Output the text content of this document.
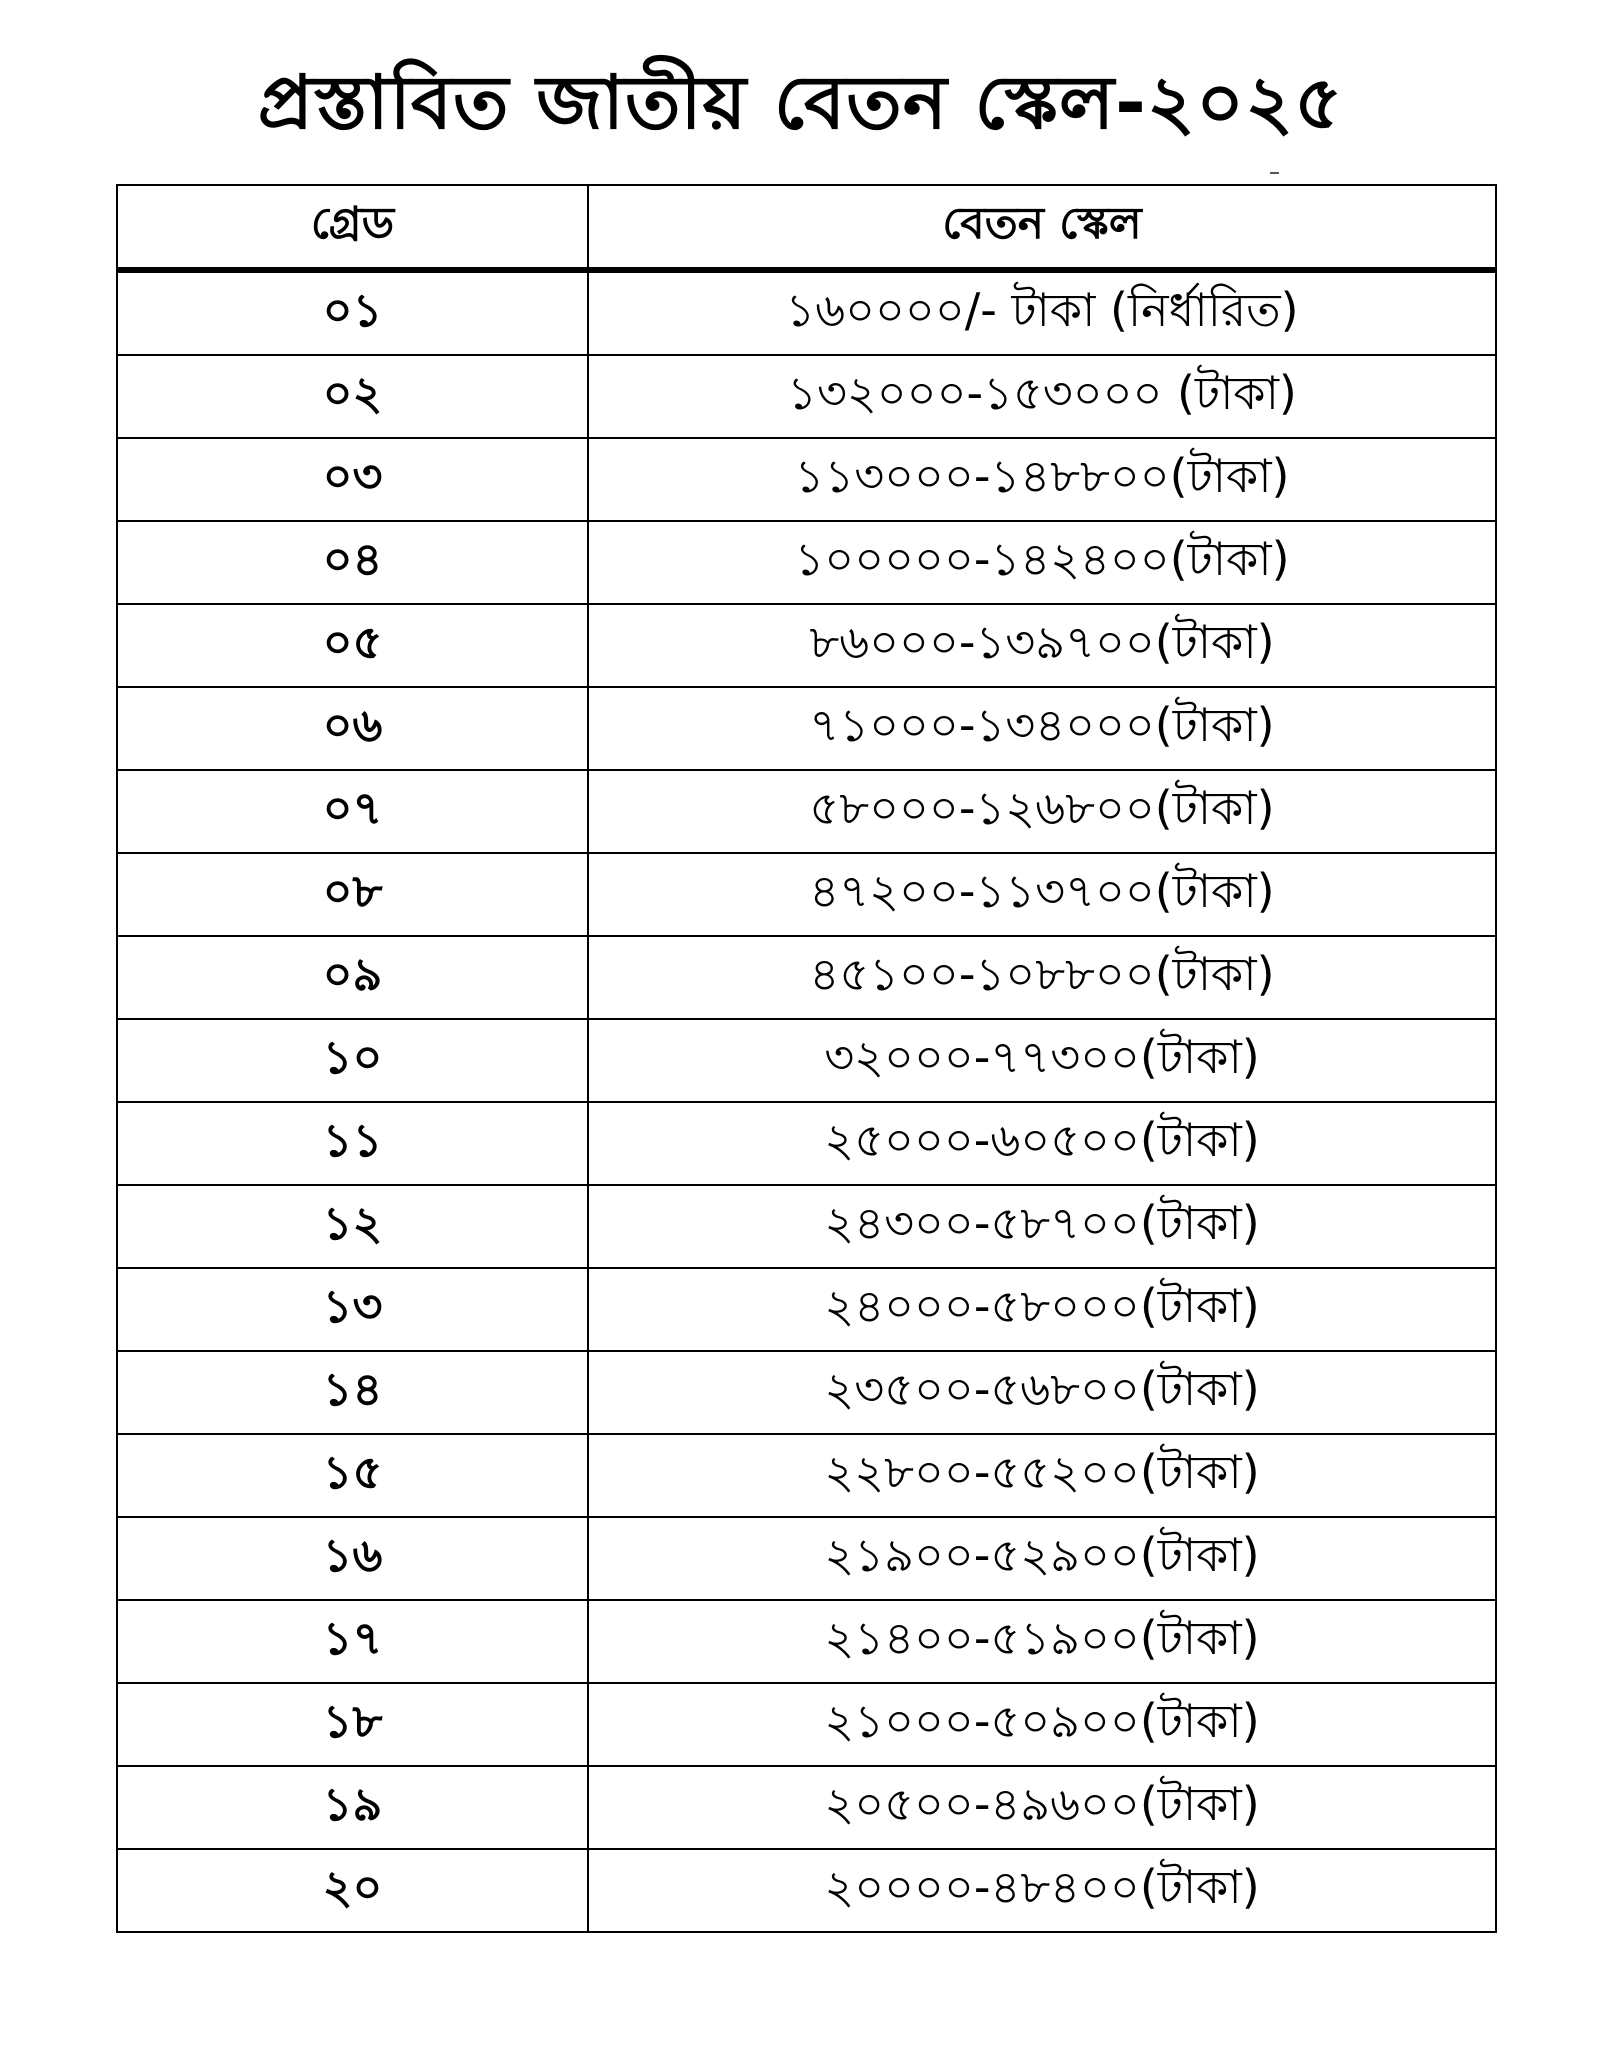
প্রস্তাবিত জাতীয় বেতন স্কেল-২০২৫
গ্রেড	বেতন স্কেল
০১	১৬০০০০/- টাকা (নির্ধারিত)
০২	১৩২০০০-১৫৩০০০ (টাকা)
০৩	১১৩০০০-১৪৮৮০০(টাকা)
০৪	১০০০০০-১৪২৪০০(টাকা)
০৫	৮৬০০০-১৩৯৭০০(টাকা)
০৬	৭১০০০-১৩৪০০০(টাকা)
০৭	৫৮০০০-১২৬৮০০(টাকা)
০৮	৪৭২০০-১১৩৭০০(টাকা)
০৯	৪৫১০০-১০৮৮০০(টাকা)
১০	৩২০০০-৭৭৩০০(টাকা)
১১	২৫০০০-৬০৫০০(টাকা)
১২	২৪৩০০-৫৮৭০০(টাকা)
১৩	২৪০০০-৫৮০০০(টাকা)
১৪	২৩৫০০-৫৬৮০০(টাকা)
১৫	২২৮০০-৫৫২০০(টাকা)
১৬	২১৯০০-৫২৯০০(টাকা)
১৭	২১৪০০-৫১৯০০(টাকা)
১৮	২১০০০-৫০৯০০(টাকা)
১৯	২০৫০০-৪৯৬০০(টাকা)
২০	২০০০০-৪৮৪০০(টাকা)
